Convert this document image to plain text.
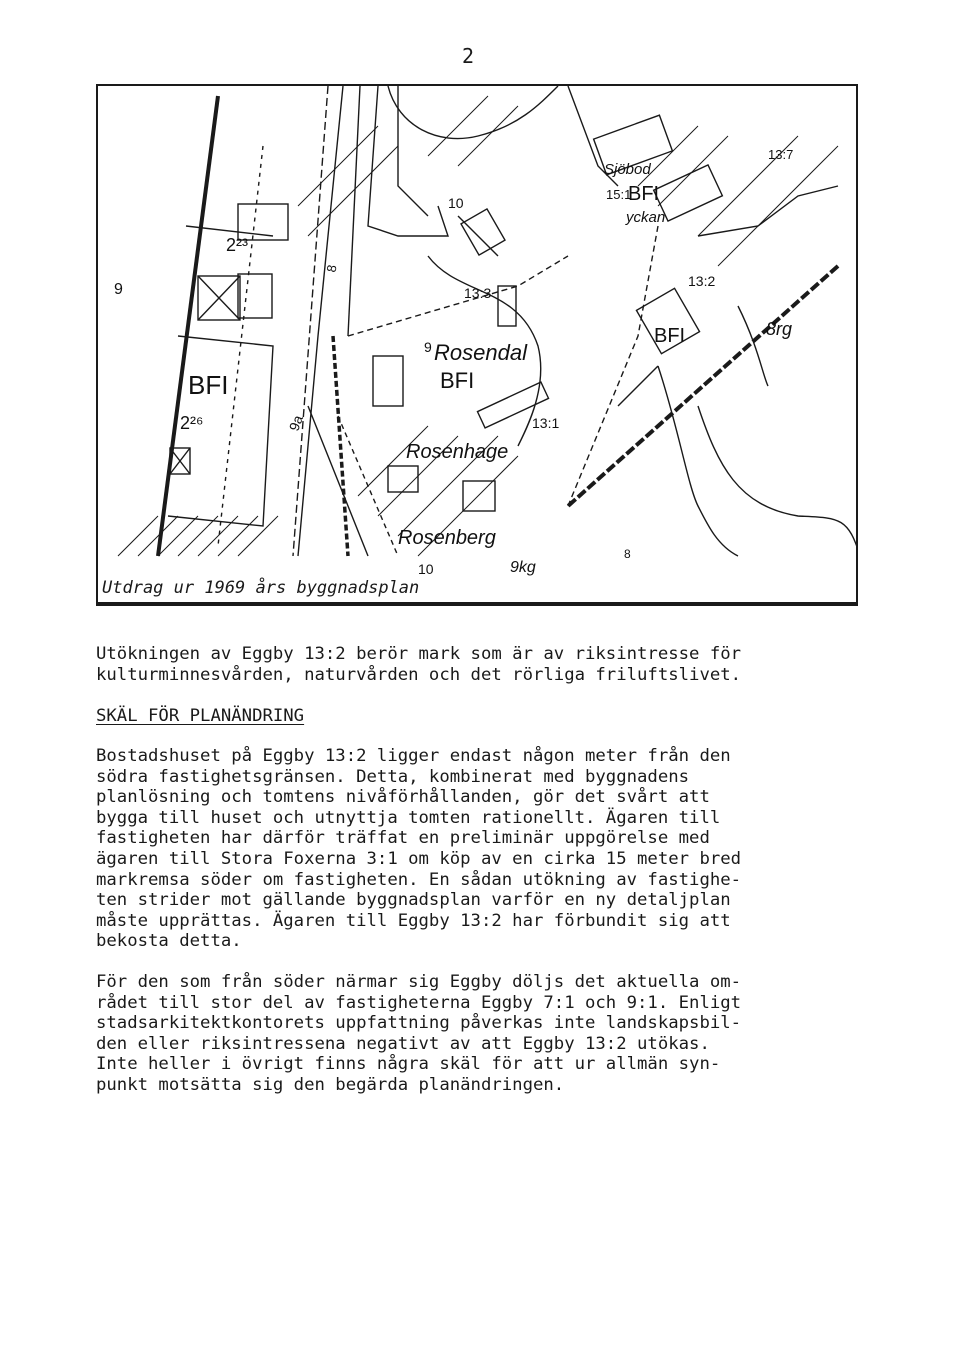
2
9
2²³
BFI
2²⁶	9a
10
8
13:3
9 Rosendal
BFI
13:1
Rosenhage
Rosenberg
10	9kg
13:7
15:1
BFI
Sjöbod
yckan
13:2
BFI	8rg
8
Utdrag ur 1969 års byggnadsplan

Utökningen av Eggby 13:2 berör mark som är av riksintresse för
kulturminnesvården, naturvården och det rörliga friluftslivet.

SKÄL FÖR PLANÄNDRING

Bostadshuset på Eggby 13:2 ligger endast någon meter från den
södra fastighetsgränsen. Detta, kombinerat med byggnadens
planlösning och tomtens nivåförhållanden, gör det svårt att
bygga till huset och utnyttja tomten rationellt. Ägaren till
fastigheten har därför träffat en preliminär uppgörelse med
ägaren till Stora Foxerna 3:1 om köp av en cirka 15 meter bred
markremsa söder om fastigheten. En sådan utökning av fastighe-
ten strider mot gällande byggnadsplan varför en ny detaljplan
måste upprättas. Ägaren till Eggby 13:2 har förbundit sig att
bekosta detta.

För den som från söder närmar sig Eggby döljs det aktuella om-
rådet till stor del av fastigheterna Eggby 7:1 och 9:1. Enligt
stadsarkitektkontorets uppfattning påverkas inte landskapsbil-
den eller riksintressena negativt av att Eggby 13:2 utökas.
Inte heller i övrigt finns några skäl för att ur allmän syn-
punkt motsätta sig den begärda planändringen.
